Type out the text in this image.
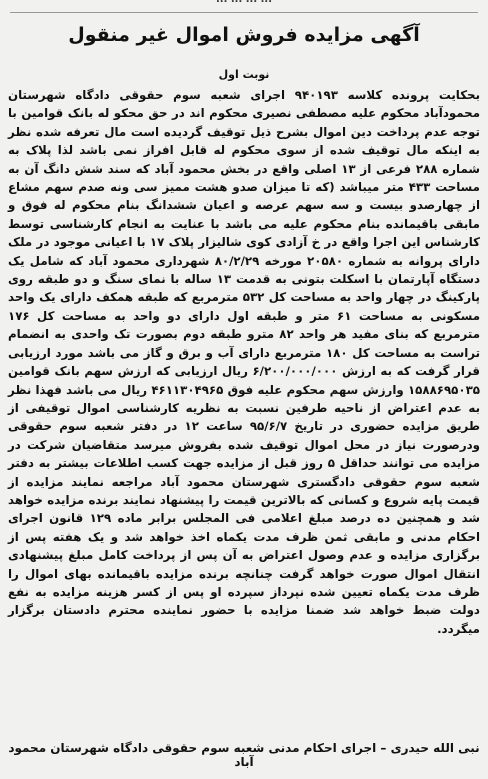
آگهی مزایده فروش اموال غیر منقول
نوبت اول
بحکایت پرونده کلاسه ۹۴۰۱۹۳ اجرای شعبه سوم حقوقی دادگاه شهرستان محمودآباد محکوم علیه مصطفی نصیری محکوم اند در حق محکو له بانک قوامین با توجه عدم پرداخت دین اموال بشرح ذیل توقیف گردیده است مال تعرفه شده نظر به اینکه مال توقیف شده از سوی محکوم له قابل افراز نمی باشد لذا پلاک به شماره ۲۸۸ فرعی از ۱۳ اصلی واقع در بخش محمود آباد که سند شش دانگ آن به مساحت ۴۳۳ متر میباشد (که تا میزان صدو هشت ممیز سی ونه صدم سهم مشاع از چهارصدو بیست و سه سهم عرصه و اعیان ششدانگ بنام محکوم له فوق و مابقی باقیمانده بنام محکوم علیه می باشد با عنایت به انجام کارشناسی توسط کارشناس این اجرا واقع در خ آزادی کوی شالیزار پلاک ۱۷ با اعیانی موجود در ملک دارای پروانه به شماره ۲۰۵۸۰ مورخه ۸۰/۲/۲۹ شهرداری محمود آباد که شامل یک دستگاه آپارتمان با اسکلت بتونی به قدمت ۱۳ ساله با نمای سنگ و دو طبقه روی پارکینگ در چهار واحد به مساحت کل ۵۳۲ مترمربع که طبقه همکف دارای یک واحد مسکونی به مساحت ۶۱ متر و طبقه اول دارای دو واحد به مساحت کل ۱۷۶ مترمربع که بنای مفید هر واحد ۸۲ مترو طبقه دوم بصورت تک واحدی به انضمام تراست به مساحت کل ۱۸۰ مترمربع دارای آب و برق و گاز می باشد مورد ارزیابی قرار گرفت که به ارزش ۶/۲۰۰/۰۰۰/۰۰۰ ریال ارزیابی که ارزش سهم بانک قوامین ۱۵۸۸۶۹۵۰۳۵ وارزش سهم محکوم علیه فوق ۴۶۱۱۳۰۴۹۶۵ ریال می باشد فهذا نظر به عدم اعتراض از ناحیه طرفین نسبت به نظریه کارشناسی اموال توقیفی از طریق مزایده حضوری در تاریخ ۹۵/۶/۷ ساعت ۱۲ در دفتر شعبه سوم حقوقی ودرصورت نیاز در محل اموال توقیف شده بفروش میرسد متقاضیان شرکت در مزایده می توانند حداقل ۵ روز قبل از مزایده جهت کسب اطلاعات بیشتر به دفتر شعبه سوم حقوقی دادگستری شهرستان محمود آباد مراجعه نمایند مزایده از قیمت پایه شروع و کسانی که بالاترین قیمت را پیشنهاد نمایند برنده مزایده خواهد شد و همچنین ده درصد مبلغ اعلامی فی المجلس برابر ماده ۱۲۹ قانون اجرای احکام مدنی و مابقی ثمن ظرف مدت یکماه اخذ خواهد شد و یک هفته پس از برگزاری مزایده و عدم وصول اعتراض به آن پس از پرداخت کامل مبلغ پیشنهادی انتقال اموال صورت خواهد گرفت چنانچه برنده مزایده باقیمانده بهای اموال را ظرف مدت یکماه تعیین شده نپرداز سپرده او پس از کسر هزینه مزایده به نفع دولت ضبط خواهد شد ضمنا مزایده با حضور نماینده محترم دادستان برگزار میگردد.
نبی الله حیدری – اجرای احکام مدنی شعبه سوم حقوقی دادگاه شهرستان محمود آباد
